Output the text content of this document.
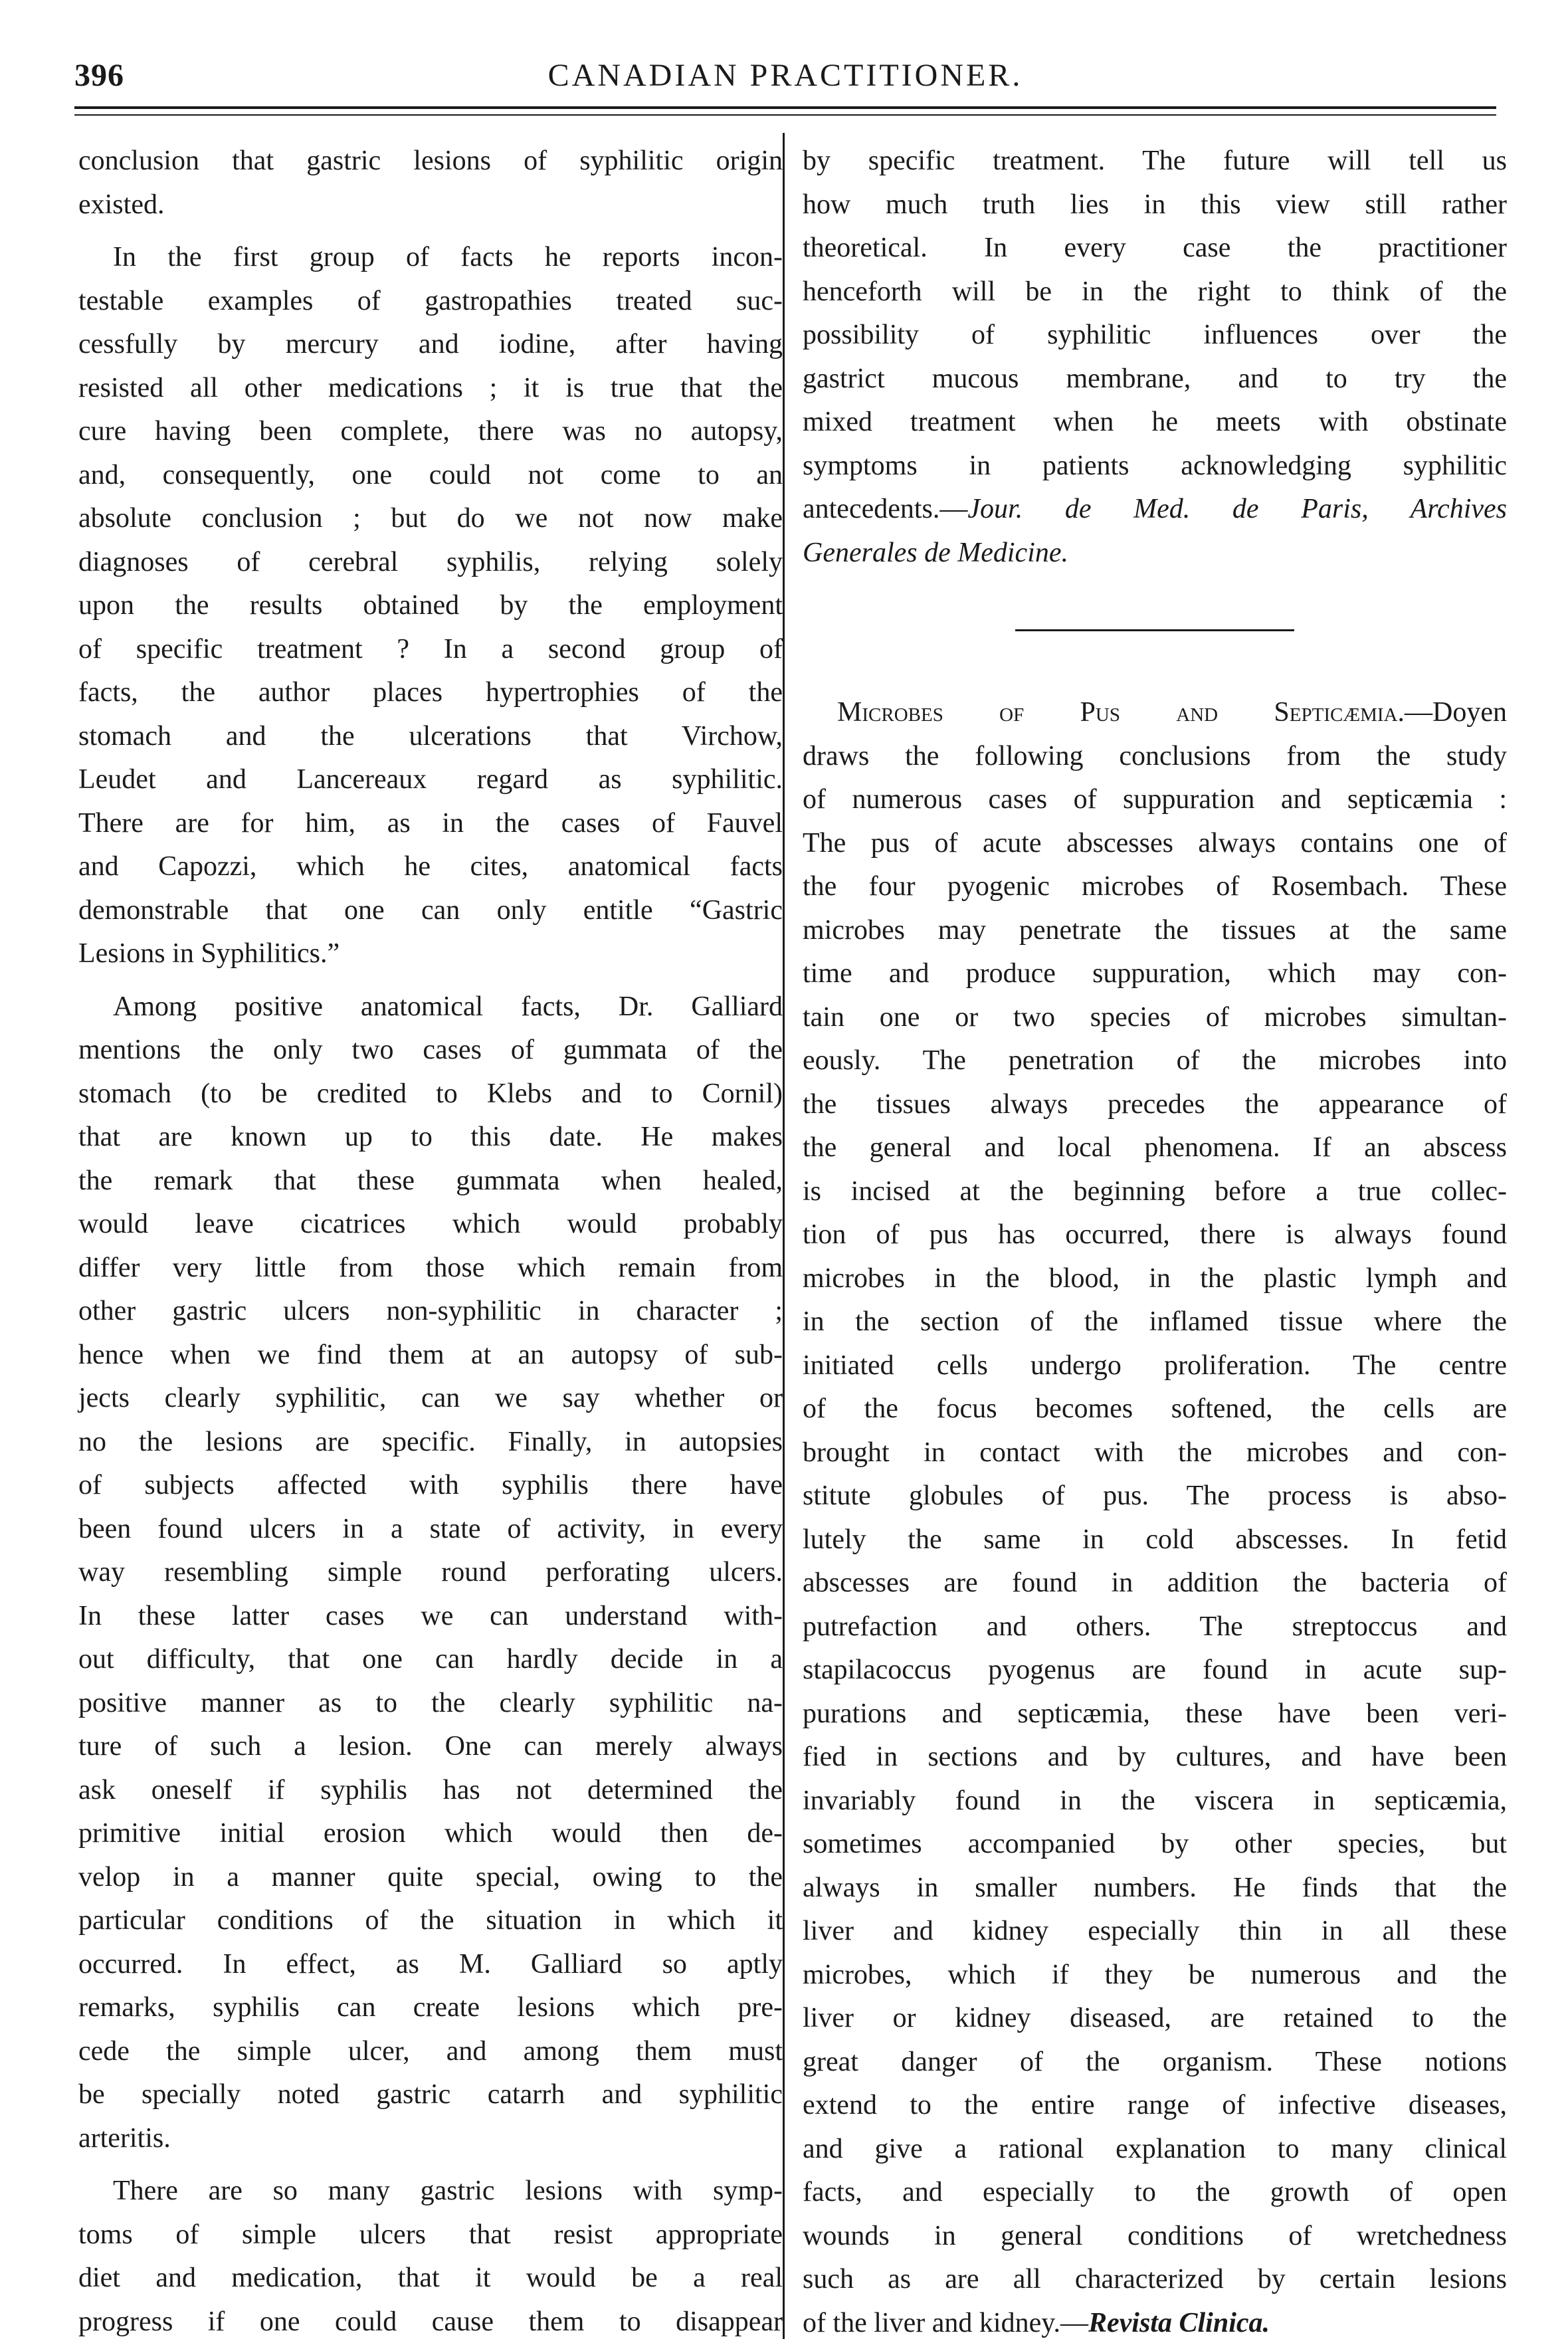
396	CANADIAN PRACTITIONER.
conclusion that gastric lesions of syphilitic origin
existed.
In the first group of facts he reports incon-
testable examples of gastropathies treated suc-
cessfully by mercury and iodine, after having
resisted all other medications ; it is true that the
cure having been complete, there was no autopsy,
and, consequently, one could not come to an
absolute conclusion ; but do we not now make
diagnoses of cerebral syphilis, relying solely
upon the results obtained by the employment
of specific treatment ? In a second group of
facts, the author places hypertrophies of the
stomach and the ulcerations that Virchow,
Leudet and Lancereaux regard as syphilitic.
There are for him, as in the cases of Fauvel
and Capozzi, which he cites, anatomical facts
demonstrable that one can only entitle “Gastric
Lesions in Syphilitics.”
Among positive anatomical facts, Dr. Galliard
mentions the only two cases of gummata of the
stomach (to be credited to Klebs and to Cornil)
that are known up to this date. He makes
the remark that these gummata when healed,
would leave cicatrices which would probably
differ very little from those which remain from
other gastric ulcers non-syphilitic in character ;
hence when we find them at an autopsy of sub-
jects clearly syphilitic, can we say whether or
no the lesions are specific. Finally, in autopsies
of subjects affected with syphilis there have
been found ulcers in a state of activity, in every
way resembling simple round perforating ulcers.
In these latter cases we can understand with-
out difficulty, that one can hardly decide in a
positive manner as to the clearly syphilitic na-
ture of such a lesion. One can merely always
ask oneself if syphilis has not determined the
primitive initial erosion which would then de-
velop in a manner quite special, owing to the
particular conditions of the situation in which it
occurred. In effect, as M. Galliard so aptly
remarks, syphilis can create lesions which pre-
cede the simple ulcer, and among them must
be specially noted gastric catarrh and syphilitic
arteritis.
There are so many gastric lesions with symp-
toms of simple ulcers that resist appropriate
diet and medication, that it would be a real
progress if one could cause them to disappear
by specific treatment. The future will tell us
how much truth lies in this view still rather
theoretical. In every case the practitioner
henceforth will be in the right to think of the
possibility of syphilitic influences over the
gastrict mucous membrane, and to try the
mixed treatment when he meets with obstinate
symptoms in patients acknowledging syphilitic
antecedents.—Jour. de Med. de Paris, Archives
Generales de Medicine.
Microbes of Pus and Septicæmia.—Doyen
draws the following conclusions from the study
of numerous cases of suppuration and septicæmia :
The pus of acute abscesses always contains one of
the four pyogenic microbes of Rosembach. These
microbes may penetrate the tissues at the same
time and produce suppuration, which may con-
tain one or two species of microbes simultan-
eously. The penetration of the microbes into
the tissues always precedes the appearance of
the general and local phenomena. If an abscess
is incised at the beginning before a true collec-
tion of pus has occurred, there is always found
microbes in the blood, in the plastic lymph and
in the section of the inflamed tissue where the
initiated cells undergo proliferation. The centre
of the focus becomes softened, the cells are
brought in contact with the microbes and con-
stitute globules of pus. The process is abso-
lutely the same in cold abscesses. In fetid
abscesses are found in addition the bacteria of
putrefaction and others. The streptoccus and
stapilacoccus pyogenus are found in acute sup-
purations and septicæmia, these have been veri-
fied in sections and by cultures, and have been
invariably found in the viscera in septicæmia,
sometimes accompanied by other species, but
always in smaller numbers. He finds that the
liver and kidney especially thin in all these
microbes, which if they be numerous and the
liver or kidney diseased, are retained to the
great danger of the organism. These notions
extend to the entire range of infective diseases,
and give a rational explanation to many clinical
facts, and especially to the growth of open
wounds in general conditions of wretchedness
such as are all characterized by certain lesions
of the liver and kidney.—Revista Clinica.
